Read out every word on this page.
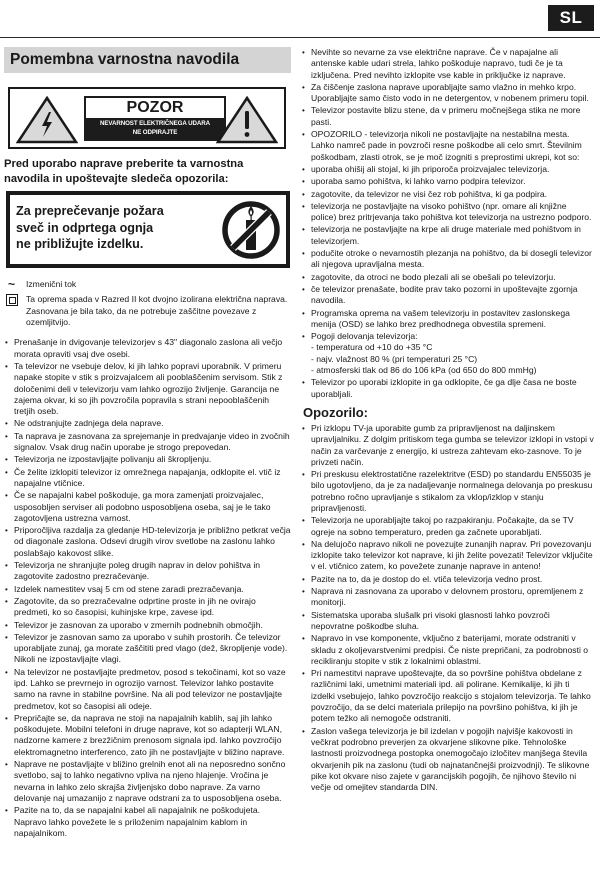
SL
Pomembna varnostna navodila
POZOR
NEVARNOST ELEKTRIČNEGA UDARA
NE ODPIRAJTE

Pred uporabo naprave preberite ta varnostna navodila in upoštevajte sledeča opozorila:

Za preprečevanje požara
sveč in odprtega ognja
ne približujte izdelku.
~	Izmenični tok
Ta oprema spada v Razred II kot dvojno izolirana električna naprava. Zasnovana je bila tako, da ne potrebuje zaščitne povezave z ozemljitvijo.
• Prenašanje in dvigovanje televizorjev s 43" diagonalo zaslona ali večjo morata opraviti vsaj dve osebi.
• Ta televizor ne vsebuje delov, ki jih lahko popravi uporabnik. V primeru napake stopite v stik s proizvajalcem ali pooblaščenim servisom. Stik z določenimi deli v televizorju vam lahko ogrozijo življenje. Garancija ne zajema okvar, ki so jih povzročila popravila s strani nepooblaščenih tretjih oseb.
• Ne odstranjujte zadnjega dela naprave.
• Ta naprava je zasnovana za sprejemanje in predvajanje video in zvočnih signalov. Vsak drug način uporabe je strogo prepovedan.
• Televizorja ne izpostavljajte polivanju ali škropljenju.
• Če želite izklopiti televizor iz omrežnega napajanja, odklopite el. vtič iz napajalne vtičnice.
• Če se napajalni kabel poškoduje, ga mora zamenjati proizvajalec, usposobljen serviser ali podobno usposobljena oseba, saj je le tako zagotovljena ustrezna varnost.
• Priporočljiva razdalja za gledanje HD-televizorja je približno petkrat večja od diagonale zaslona. Odsevi drugih virov svetlobe na zaslonu lahko poslabšajo kakovost slike.
• Televizorja ne shranjujte poleg drugih naprav in delov pohištva in zagotovite zadostno prezračevanje.
• Izdelek namestitev vsaj 5 cm od stene zaradi prezračevanja.
• Zagotovite, da so prezračevalne odprtine proste in jih ne ovirajo predmeti, ko so časopisi, kuhinjske krpe, zavese ipd.
• Televizor je zasnovan za uporabo v zmernih podnebnih območjih.
• Televizor je zasnovan samo za uporabo v suhih prostorih. Če televizor uporabljate zunaj, ga morate zaščititi pred vlago (dež, škropljenje vode). Nikoli ne izpostavljajte vlagi.
• Na televizor ne postavljajte predmetov, posod s tekočinami, kot so vaze ipd. Lahko se prevrnejo in ogrozijo varnost. Televizor lahko postavite samo na ravne in stabilne površine. Na ali pod televizor ne postavljajte predmetov, kot so časopisi ali odeje.
• Prepričajte se, da naprava ne stoji na napajalnih kablih, saj jih lahko poškodujete. Mobilni telefoni in druge naprave, kot so adapterji WLAN, nadzorne kamere z brezžičnim prenosom signala ipd. lahko povzročijo elektromagnetno interferenco, zato jih ne postavljajte v bližino naprave.
• Naprave ne postavljajte v bližino grelnih enot ali na neposredno sončno svetlobo, saj to lahko negativno vpliva na njeno hlajenje. Vročina je nevarna in lahko zelo skrajša življenjsko dobo naprave. Za varno delovanje naj umazanijo z naprave odstrani za to usposobljena oseba.
• Pazite na to, da se napajalni kabel ali napajalnik ne poškodujeta. Napravo lahko povežete le s priloženim napajalnim kablom in napajalnikom.
• Nevihte so nevarne za vse električne naprave. Če v napajalne ali antenske kable udari strela, lahko poškoduje napravo, tudi če je ta izključena. Pred nevihto izklopite vse kable in priključke iz naprave.
• Za čiščenje zaslona naprave uporabljajte samo vlažno in mehko krpo. Uporabljajte samo čisto vodo in ne detergentov, v nobenem primeru topil.
• Televizor postavite blizu stene, da v primeru močnejšega stika ne more pasti.
• OPOZORILO - televizorja nikoli ne postavljajte na nestabilna mesta. Lahko namreč pade in povzroči resne poškodbe ali celo smrt. Številnim poškodbam, zlasti otrok, se je moč izogniti s preprostimi ukrepi, kot so:
• uporaba ohišij ali stojal, ki jih priporoča proizvajalec televizorja.
• uporaba samo pohištva, ki lahko varno podpira televizor.
• zagotovite, da televizor ne visi čez rob pohištva, ki ga podpira.
• televizorja ne postavljajte na visoko pohištvo (npr. omare ali knjižne police) brez pritrjevanja tako pohištva kot televizorja na ustrezno podporo.
• televizorja ne postavljajte na krpe ali druge materiale med pohištvom in televizorjem.
• podučite otroke o nevarnostih plezanja na pohištvo, da bi dosegli televizor ali njegova upravljalna mesta.
• zagotovite, da otroci ne bodo plezali ali se obešali po televizorju.
• če televizor prenašate, bodite prav tako pozorni in upoštevajte zgornja navodila.
• Programska oprema na vašem televizorju in postavitev zaslonskega menija (OSD) se lahko brez predhodnega obvestila spremeni.
• Pogoji delovanja televizorja:
- temperatura od +10 do +35 °C
- najv. vlažnost 80 % (pri temperaturi 25 °C)
- atmosferski tlak od 86 do 106 kPa (od 650 do 800 mmHg)
• Televizor po uporabi izklopite in ga odklopite, če ga dlje časa ne boste uporabljali.
Opozorilo:
• Pri izklopu TV-ja uporabite gumb za pripravljenost na daljinskem upravljalniku. Z dolgim pritiskom tega gumba se televizor izklopi in vstopi v način za varčevanje z energijo, ki ustreza zahtevam eko-zasnove. To je privzeti način.
• Pri preskusu elektrostatične razelektritve (ESD) po standardu EN55035 je bilo ugotovljeno, da je za nadaljevanje normalnega delovanja po preskusu potrebno ročno upravljanje s stikalom za vklop/izklop v stanju pripravljenosti.
• Televizorja ne uporabljajte takoj po razpakiranju. Počakajte, da se TV ogreje na sobno temperaturo, preden ga začnete uporabljati.
• Na delujočo napravo nikoli ne povezujte zunanjih naprav. Pri povezovanju izklopite tako televizor kot naprave, ki jih želite povezati! Televizor vključite v el. vtičnico zatem, ko povežete zunanje naprave in anteno!
• Pazite na to, da je dostop do el. vtiča televizorja vedno prost.
• Naprava ni zasnovana za uporabo v delovnem prostoru, opremljenem z monitorji.
• Sistematska uporaba slušalk pri visoki glasnosti lahko povzroči nepovratne poškodbe sluha.
• Napravo in vse komponente, vključno z baterijami, morate odstraniti v skladu z okoljevarstvenimi predpisi. Če niste prepričani, za podrobnosti o recikliranju stopite v stik z lokalnimi oblastmi.
• Pri namestitvi naprave upoštevajte, da so površine pohištva obdelane z različnimi laki, umetnimi materiali ipd. ali polirane. Kemikalije, ki jih ti izdelki vsebujejo, lahko povzročijo reakcijo s stojalom televizorja. Te lahko povzročijo, da se delci materiala prilepijo na površino pohištva, ki jih je potem težko ali nemogoče odstraniti.
• Zaslon vašega televizorja je bil izdelan v pogojih najvišje kakovosti in večkrat podrobno preverjen za okvarjene slikovne pike. Tehnološke lastnosti proizvodnega postopka onemogočajo izločitev manjšega števila okvarjenih pik na zaslonu (tudi ob najnatančnejši proizvodnji). Te slikovne pike kot okvare niso zajete v garancijskih pogojih, če njihovo število ni večje od omejitev standarda DIN.
